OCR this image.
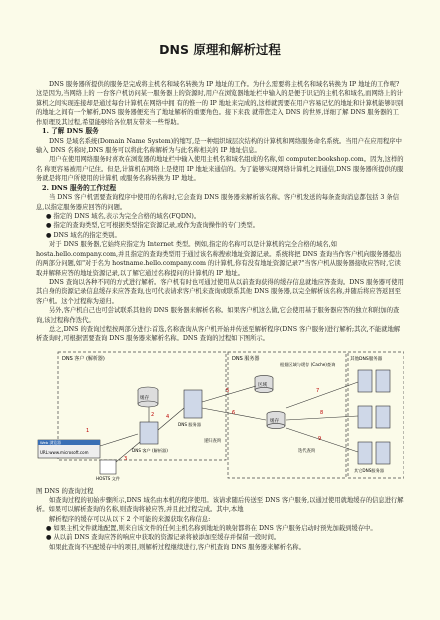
DNS 原理和解析过程

DNS 服务器所提供的服务是完成将主机名和域名转换为 IP 地址的工作。为什么需要将主机名和域名转换为 IP 地址的工作呢?这是因为,当网络上的 一台客户机访问某一服务器上的资源时,用户在浏览器地址栏中输入的是便于识记的主机名和域名,而网络上的计算机之间实现连接却是通过每台计算机在网络中拥 有的惟一的 IP 地址来完成的,这样就需要在用户容易记忆的地址和计算机能够识别的地址之间有一个解析,DNS 服务器便充当了地址解析的重要角色。接下来我 就带您走入 DNS 的世界,详细了解 DNS 服务器的工作原理及其过程,希望能够给各位朋友带来一些帮助。

1. 了解 DNS 服务

DNS 是域名系统(Domain Name System)的缩写,是一种组织域层次结构的计算机和网络服务命名系统。当用户在应用程序中输入 DNS 名称时,DNS 服务可以将此名称解析为与此名称相关的 IP 地址信息。

用户在使用网络服务时喜欢在浏览器的地址栏中输入使用主机名和域名组成的名称,如 computer.bookshop.com。因为,这样的名 称更容易被用户记住。但是,计算机在网络上是使用 IP 地址来通信的。为了能够实现网络计算机之间通信,DNS 服务器所提供的服务就是将用户所使用的计算机 或服务名称转换为 IP 地址。

2. DNS 服务的工作过程

当 DNS 客户机需要查询程序中使用的名称时,它会查询 DNS 服务器来解析该名称。客户机发送的每条查询消息都包括 3 条信息,以指定服务器应回答的问题。

● 指定的 DNS 域名,表示为完全合格的域名(FQDN)。

● 指定的查询类型,它可根据类型指定资源记录,或作为查询操作的专门类型。

● DNS 域名的指定类别。

对于 DNS 服务器,它始终应指定为 Internet 类型。例如,指定的名称可以是计算机的完全合格的域名,如 hosta.hello.company.com,并且指定的查询类型用于通过该名称搜索地址资源记录。系统将把 DNS 查询当作客户机向服务器提出的两部分问题,如"对于名为 hostname.hello.company.com 的计算机,你有没有地址资源记录?"当客户机从服务器接收应答时,它读取并解释应答的地址资源记录,以了解它通过名称提问的计算机的 IP 地址。

DNS 查询以各种不同的方式进行解析。客户机有时也可通过使用从以前查询获得的缓存信息就地应答查询。DNS 服务器可使用其自身的资源记录信息缓存来应答查询,也可代表请求客户机来查询或联系其他 DNS 服务器,以完全解析该名称,并随后将应答返回至客户机。这个过程称为递归。

另外,客户机自己也可尝试联系其他的 DNS 服务器来解析名称。如果客户机这么做,它会使用基于服务器应答的独立和附加的查询,该过程称作迭代。

总之,DNS 的查询过程按两部分进行:首选,名称查询从客户机开始并传送至解析程序(DNS 客户服务)进行解析;其次,不能就地解析查询时,可根据需要查询 DNS 服务器来解析名称。DNS 查询的过程如下图所示。

DNS 客户 (解析器)	DNS 服务器	其他DNS服务器
Web 浏览器
URL:www.microsoft.com
缓存
DNS 客户 (解析器)
HOSTS 文件
DNS 服务器
区域
缓存
根据区域与缓存 (Cache)查询
其它DNS服务器
1
2
3
4
5
6
7
8
9
递归查询
迭代查询

图 DNS 的查询过程

如查询过程的初始步骤所示,DNS 域名由本机的程序使用。该请求随后传送至 DNS 客户服务,以通过使用就地缓存的信息进行解析。如果可以解析查询的名称,则查询将被应答,并且此过程完成。其中,本地

解析程序的缓存可以从以下 2 个可能的来源获取名称信息:

● 如果主机文件就地配置,则来自该文件的任何主机名称到地址的映射都将在 DNS 客户服务启动时预先加载到缓存中。

● 从以前 DNS 查询应答的响应中获取的资源记录将被添加至缓存并保留一段时间。

如果此查询不匹配缓存中的项目,则解析过程继续进行,客户机查询 DNS 服务器来解析名称。
